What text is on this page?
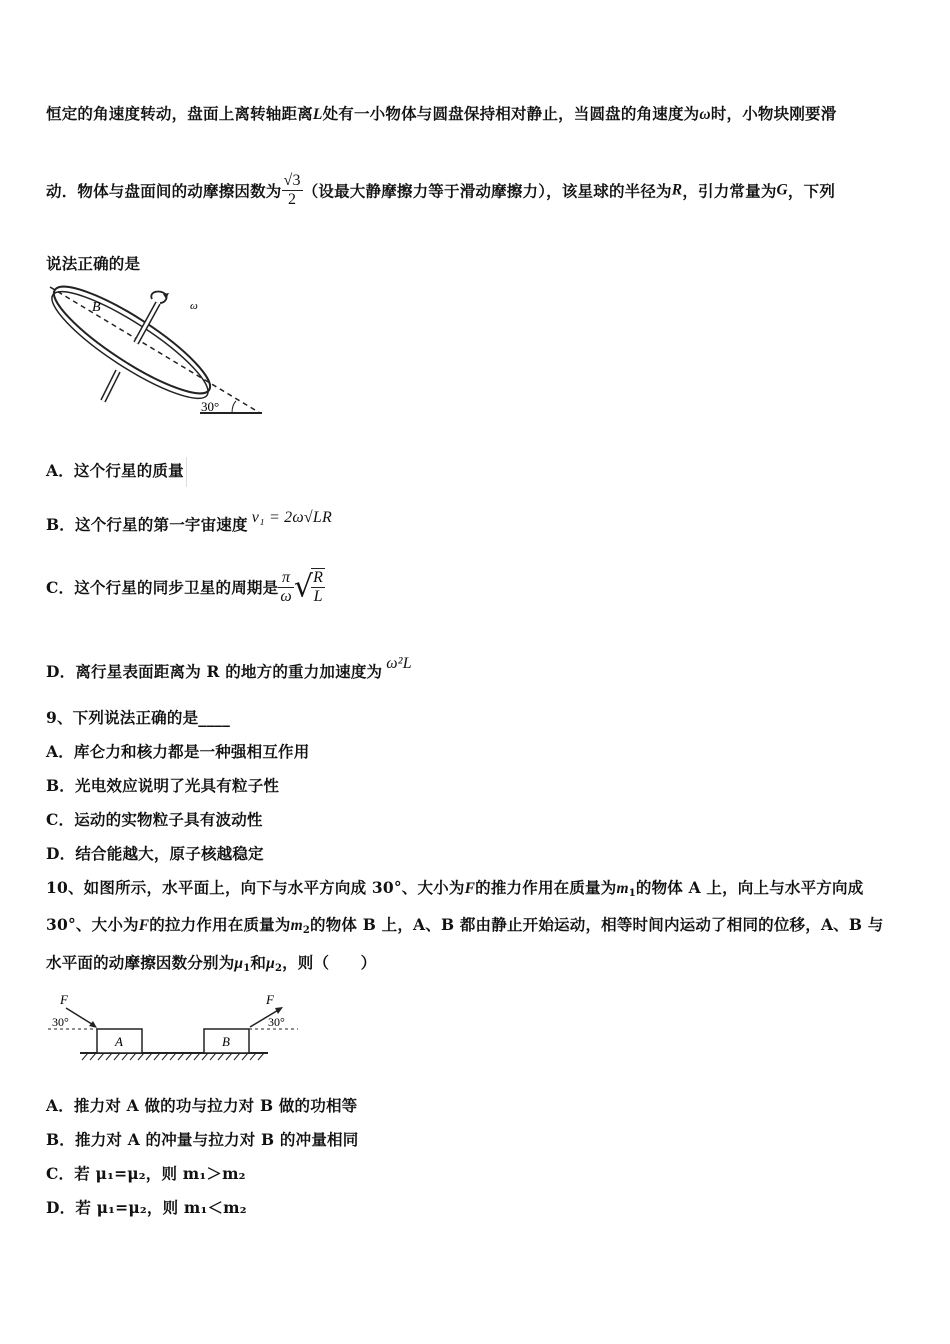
恒定的角速度转动，盘面上离转轴距离L处有一小物体与圆盘保持相对静止，当圆盘的角速度为ω时，小物块刚要滑
动．物体与盘面间的动摩擦因数为 $\frac{√3}{2}$ （设最大静摩擦力等于滑动摩擦力），该星球的半径为R，引力常量为G，下列
说法正确的是
B	ω
30°
A．这个行星的质量
B．这个行星的第一宇宙速度 v₁ = 2ω√LR
C．这个行星的同步卫星的周期是 $\frac{\pi}{\omega}$ √
$\frac{R}{L}$
D．离行星表面距离为 R 的地方的重力加速度为 ω²L
9、下列说法正确的是____
A．库仑力和核力都是一种强相互作用
B．光电效应说明了光具有粒子性
C．运动的实物粒子具有波动性
D．结合能越大，原子核越稳定
10、如图所示，水平面上，向下与水平方向成 30°、大小为F的推力作用在质量为$m_1$的物体 A 上，向上与水平方向成
30°、大小为F的拉力作用在质量为$m_2$的物体 B 上，A、B 都由静止开始运动，相等时间内运动了相同的位移，A、B 与
水平面的动摩擦因数分别为$\mu_1$和$\mu_2$，则（　　）
A	B
F
30°
F
30°
A．推力对 A 做的功与拉力对 B 做的功相等
B．推力对 A 的冲量与拉力对 B 的冲量相同
C．若 μ₁=μ₂，则 m₁＞m₂
D．若 μ₁=μ₂，则 m₁＜m₂
